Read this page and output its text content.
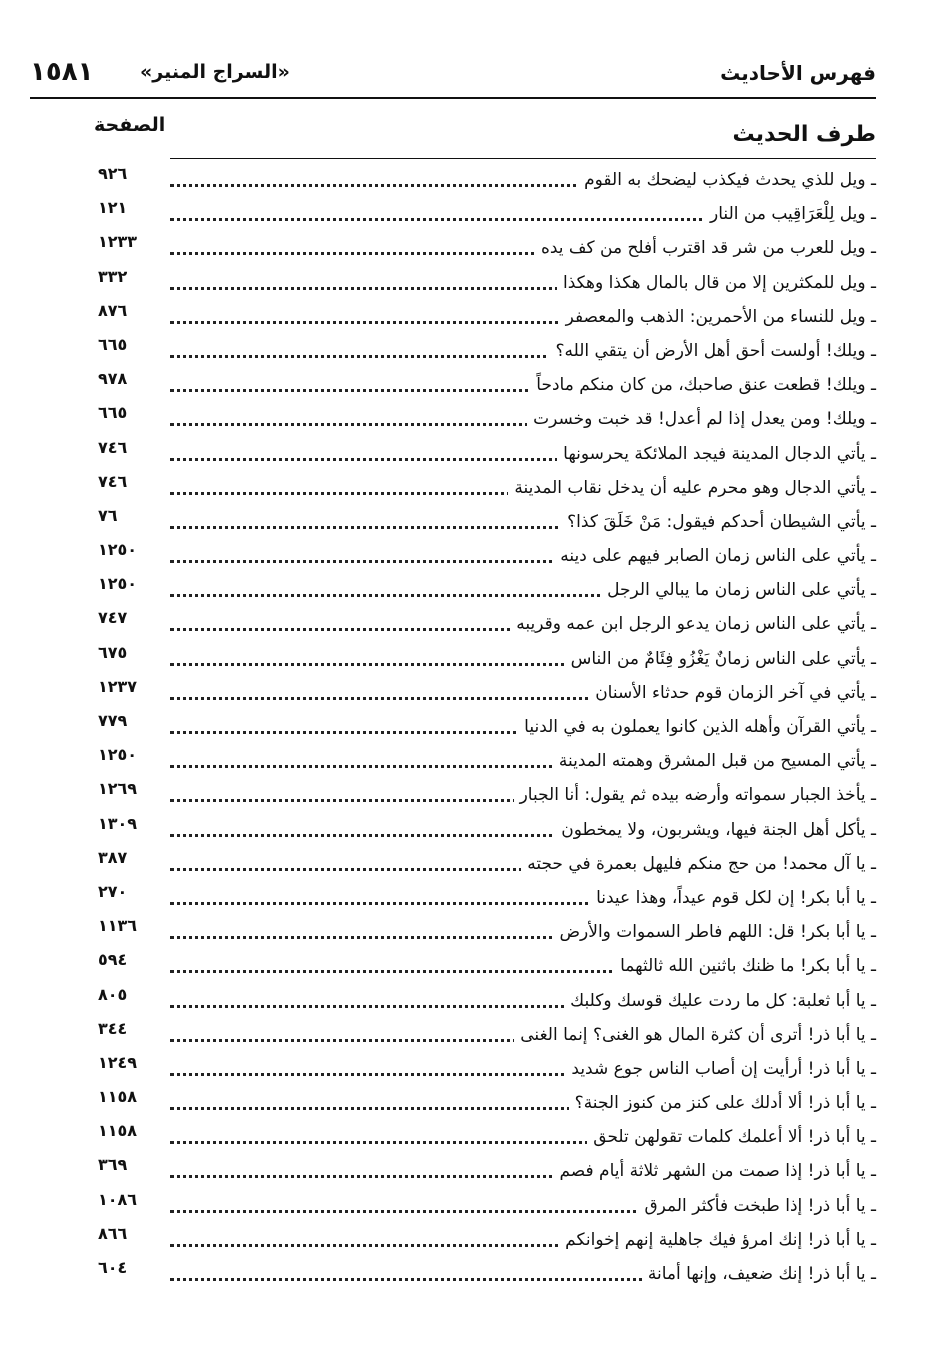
فهرس الأحاديث
«السراج المنير»
١٥٨١
طرف الحديث
الصفحة
ـ ويل للذي يحدث فيكذب ليضحك به القوم
٩٢٦
ـ ويل لِلْعَرَاقِيب من النار
١٢١
ـ ويل للعرب من شر قد اقترب أفلح من كف يده
١٢٣٣
ـ ويل للمكثرين إلا من قال بالمال هكذا وهكذا
٣٣٢
ـ ويل للنساء من الأحمرين: الذهب والمعصفر
٨٧٦
ـ ويلك! أولست أحق أهل الأرض أن يتقي الله؟
٦٦٥
ـ ويلك! قطعت عنق صاحبك، من كان منكم مادحاً
٩٧٨
ـ ويلك! ومن يعدل إذا لم أعدل! قد خبت وخسرت
٦٦٥
ـ يأتي الدجال المدينة فيجد الملائكة يحرسونها
٧٤٦
ـ يأتي الدجال وهو محرم عليه أن يدخل نقاب المدينة
٧٤٦
ـ يأتي الشيطان أحدكم فيقول: مَنْ خَلَقَ كذا؟
٧٦
ـ يأتي على الناس زمان الصابر فيهم على دينه
١٢٥٠
ـ يأتي على الناس زمان ما يبالي الرجل
١٢٥٠
ـ يأتي على الناس زمان يدعو الرجل ابن عمه وقريبه
٧٤٧
ـ يأتي على الناس زمانٌ يَغْزُو فِئَامٌ من الناس
٦٧٥
ـ يأتي في آخر الزمان قوم حدثاء الأسنان
١٢٣٧
ـ يأتي القرآن وأهله الذين كانوا يعملون به في الدنيا
٧٧٩
ـ يأتي المسيح من قبل المشرق وهمته المدينة
١٢٥٠
ـ يأخذ الجبار سمواته وأرضه بيده ثم يقول: أنا الجبار
١٢٦٩
ـ يأكل أهل الجنة فيها، ويشربون، ولا يمخطون
١٣٠٩
ـ يا آل محمد! من حج منكم فليهل بعمرة في حجته
٣٨٧
ـ يا أبا بكر! إن لكل قوم عيداً، وهذا عيدنا
٢٧٠
ـ يا أبا بكر! قل: اللهم فاطر السموات والأرض
١١٣٦
ـ يا أبا بكر! ما ظنك باثنين الله ثالثهما
٥٩٤
ـ يا أبا ثعلبة: كل ما ردت عليك قوسك وكلبك
٨٠٥
ـ يا أبا ذر! أترى أن كثرة المال هو الغنى؟ إنما الغنى
٣٤٤
ـ يا أبا ذر! أرأيت إن أصاب الناس جوع شديد
١٢٤٩
ـ يا أبا ذر! ألا أدلك على كنز من كنوز الجنة؟
١١٥٨
ـ يا أبا ذر! ألا أعلمك كلمات تقولهن تلحق
١١٥٨
ـ يا أبا ذر! إذا صمت من الشهر ثلاثة أيام فصم
٣٦٩
ـ يا أبا ذر! إذا طبخت فأكثر المرق
١٠٨٦
ـ يا أبا ذر! إنك امرؤ فيك جاهلية إنهم إخوانكم
٨٦٦
ـ يا أبا ذر! إنك ضعيف، وإنها أمانة
٦٠٤
